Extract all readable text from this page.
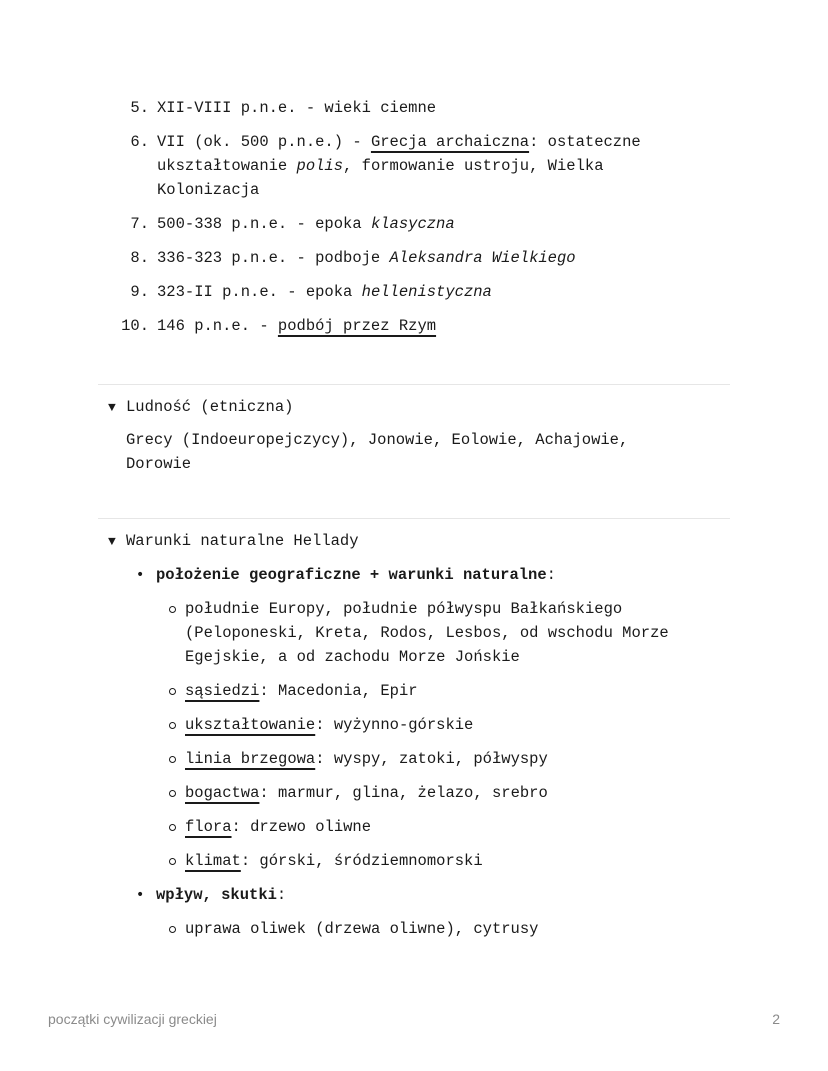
5. XII-VIII p.n.e. - wieki ciemne
6. VII (ok. 500 p.n.e.) - Grecja archaiczna: ostateczne ukształtowanie polis, formowanie ustroju, Wielka Kolonizacja
7. 500-338 p.n.e. - epoka klasyczna
8. 336-323 p.n.e. - podboje Aleksandra Wielkiego
9. 323-II p.n.e. - epoka hellenistyczna
10. 146 p.n.e. - podbój przez Rzym
▼ Ludność (etniczna)
Grecy (Indoeuropejczycy), Jonowie, Eolowie, Achajowie, Dorowie
▼ Warunki naturalne Hellady
• położenie geograficzne + warunki naturalne:
południe Europy, południe półwyspu Bałkańskiego (Peloponeski, Kreta, Rodos, Lesbos, od wschodu Morze Egejskie, a od zachodu Morze Jońskie
sąsiedzi: Macedonia, Epir
ukształtowanie: wyżynno-górskie
linia brzegowa: wyspy, zatoki, półwyspy
bogactwa: marmur, glina, żelazo, srebro
flora: drzewo oliwne
klimat: górski, śródziemnomorski
• wpływ, skutki:
uprawa oliwek (drzewa oliwne), cytrusy
początki cywilizacji greckiej	2
